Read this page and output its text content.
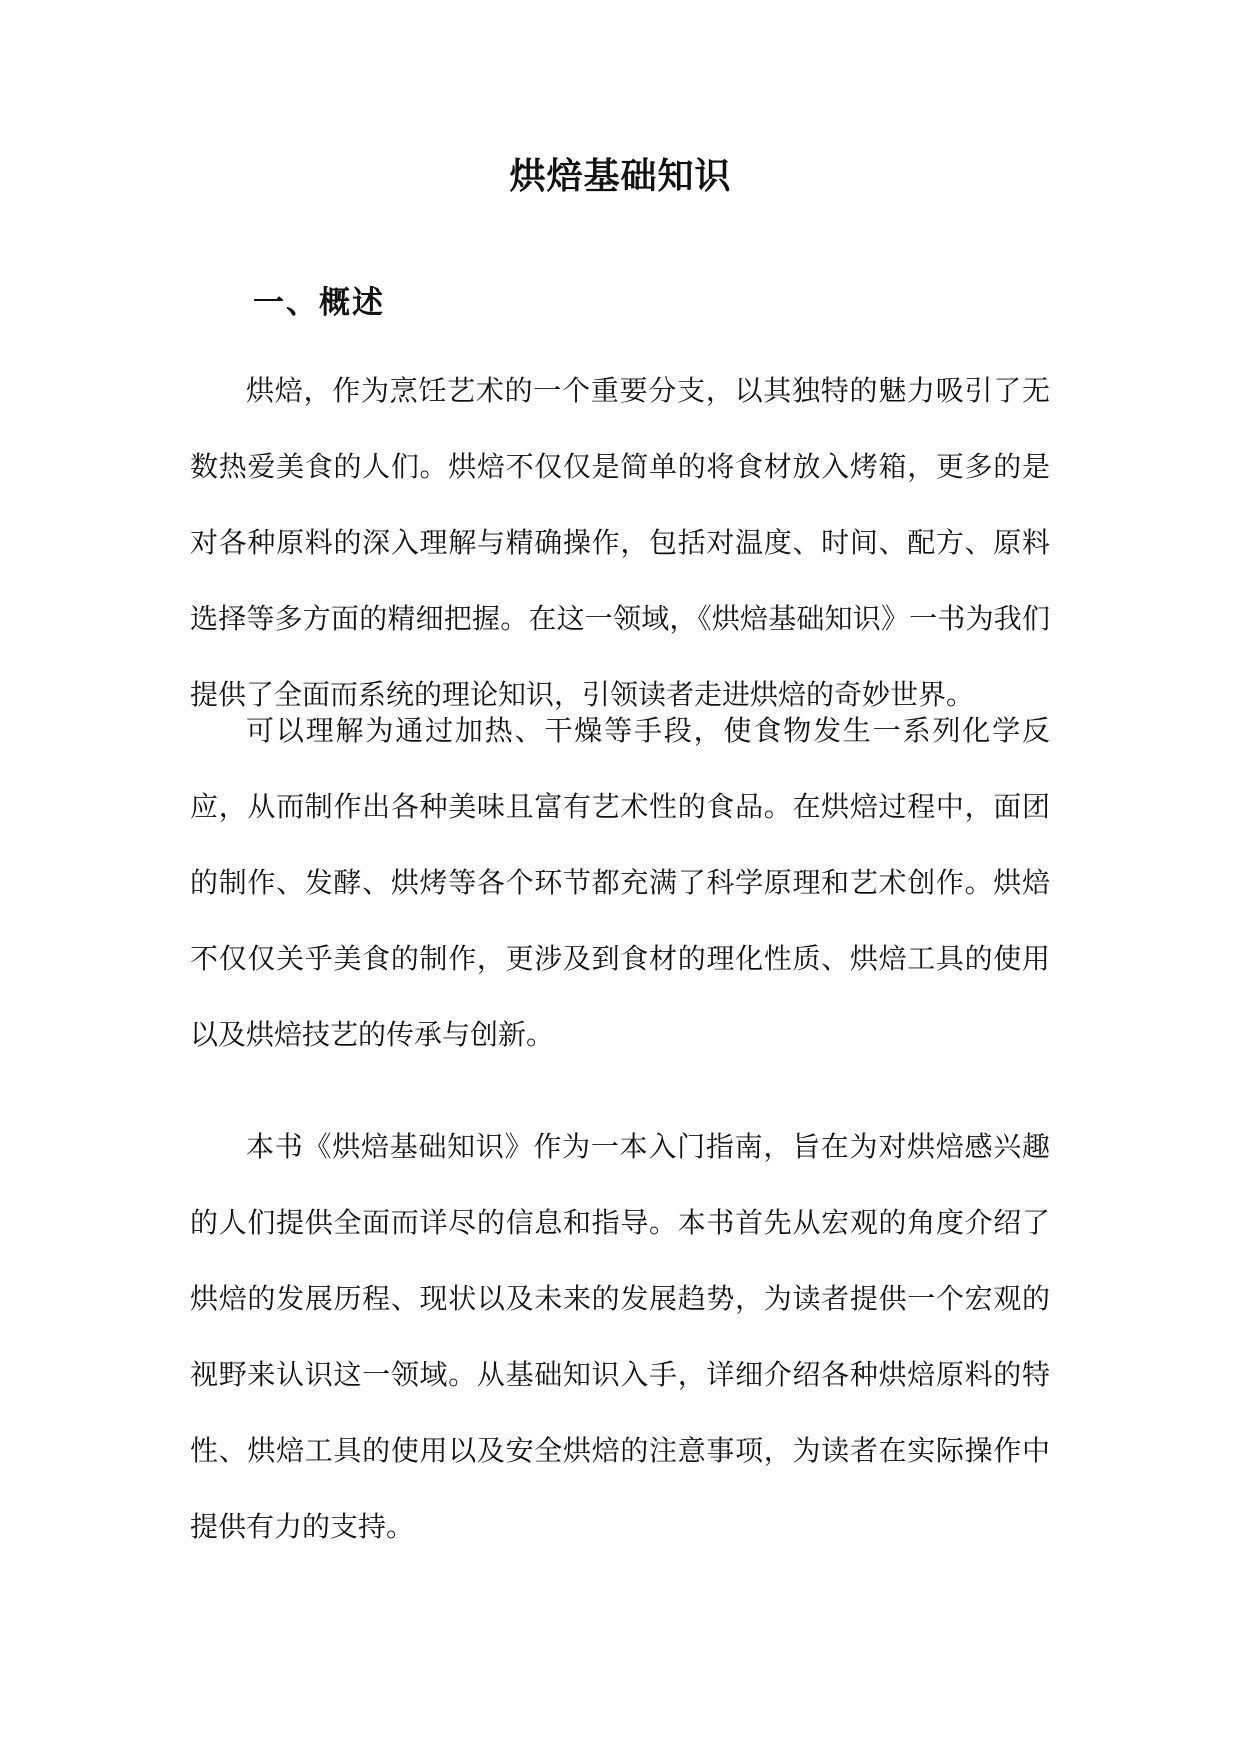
烘焙基础知识
一、概述

烘焙，作为烹饪艺术的一个重要分支，以其独特的魅力吸引了无数热爱美食的人们。烘焙不仅仅是简单的将食材放入烤箱，更多的是对各种原料的深入理解与精确操作，包括对温度、时间、配方、原料选择等多方面的精细把握。在这一领域，《烘焙基础知识》一书为我们提供了全面而系统的理论知识，引领读者走进烘焙的奇妙世界。

可以理解为通过加热、干燥等手段，使食物发生一系列化学反应，从而制作出各种美味且富有艺术性的食品。在烘焙过程中，面团的制作、发酵、烘烤等各个环节都充满了科学原理和艺术创作。烘焙不仅仅关乎美食的制作，更涉及到食材的理化性质、烘焙工具的使用以及烘焙技艺的传承与创新。

本书《烘焙基础知识》作为一本入门指南，旨在为对烘焙感兴趣的人们提供全面而详尽的信息和指导。本书首先从宏观的角度介绍了烘焙的发展历程、现状以及未来的发展趋势，为读者提供一个宏观的视野来认识这一领域。从基础知识入手，详细介绍各种烘焙原料的特性、烘焙工具的使用以及安全烘焙的注意事项，为读者在实际操作中提供有力的支持。
